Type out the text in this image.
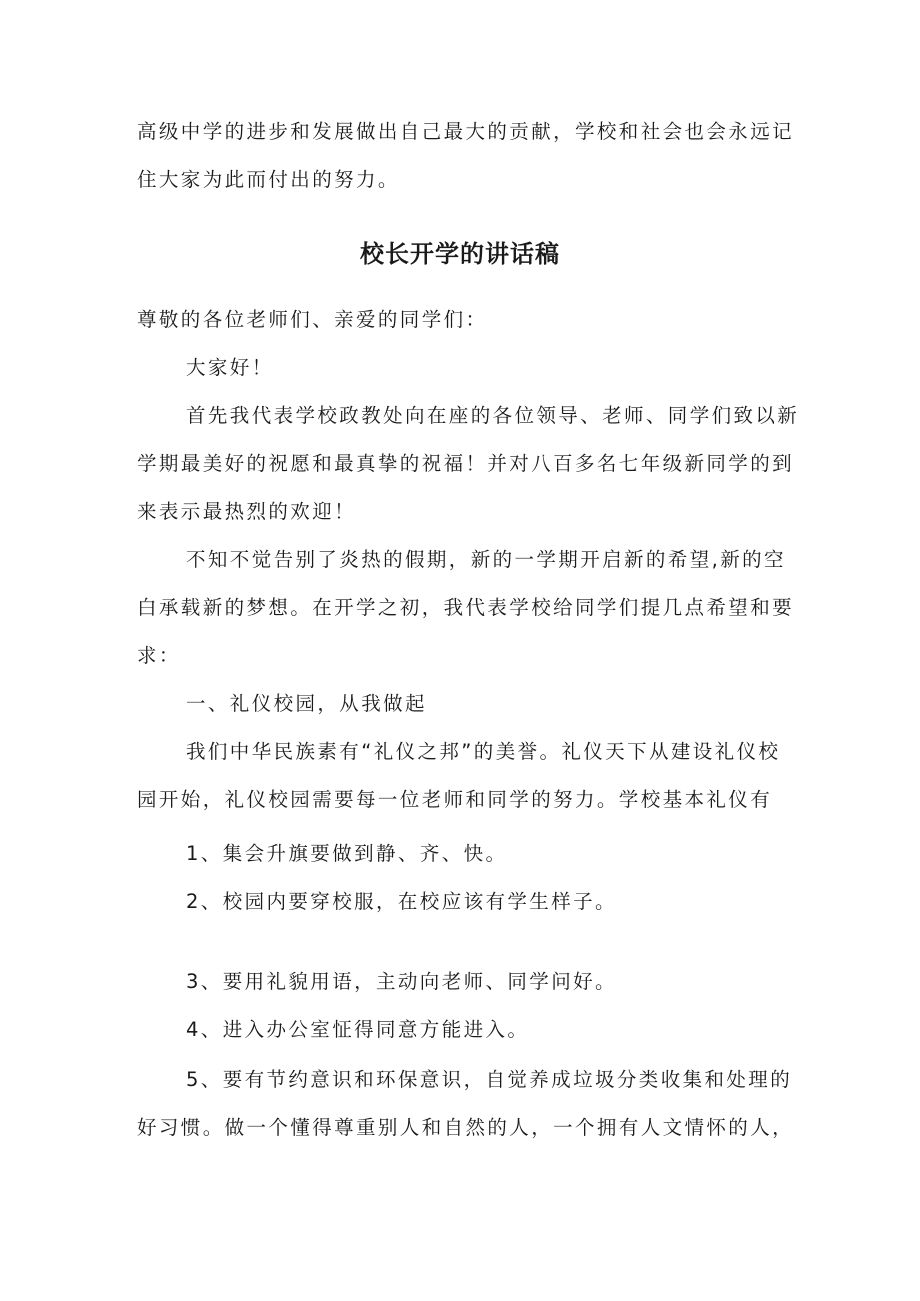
高级中学的进步和发展做出自己最大的贡献，学校和社会也会永远记
住大家为此而付出的努力。
校长开学的讲话稿
尊敬的各位老师们、亲爱的同学们：
大家好！
首先我代表学校政教处向在座的各位领导、老师、同学们致以新
学期最美好的祝愿和最真挚的祝福！并对八百多名七年级新同学的到
来表示最热烈的欢迎！
不知不觉告别了炎热的假期，新的一学期开启新的希望,新的空
白承载新的梦想。在开学之初，我代表学校给同学们提几点希望和要
求：
一、礼仪校园，从我做起
我们中华民族素有“礼仪之邦”的美誉。礼仪天下从建设礼仪校
园开始，礼仪校园需要每一位老师和同学的努力。学校基本礼仪有
1、集会升旗要做到静、齐、快。
2、校园内要穿校服，在校应该有学生样子。
3、要用礼貌用语，主动向老师、同学问好。
4、进入办公室怔得同意方能进入。
5、要有节约意识和环保意识，自觉养成垃圾分类收集和处理的
好习惯。做一个懂得尊重别人和自然的人，一个拥有人文情怀的人，
